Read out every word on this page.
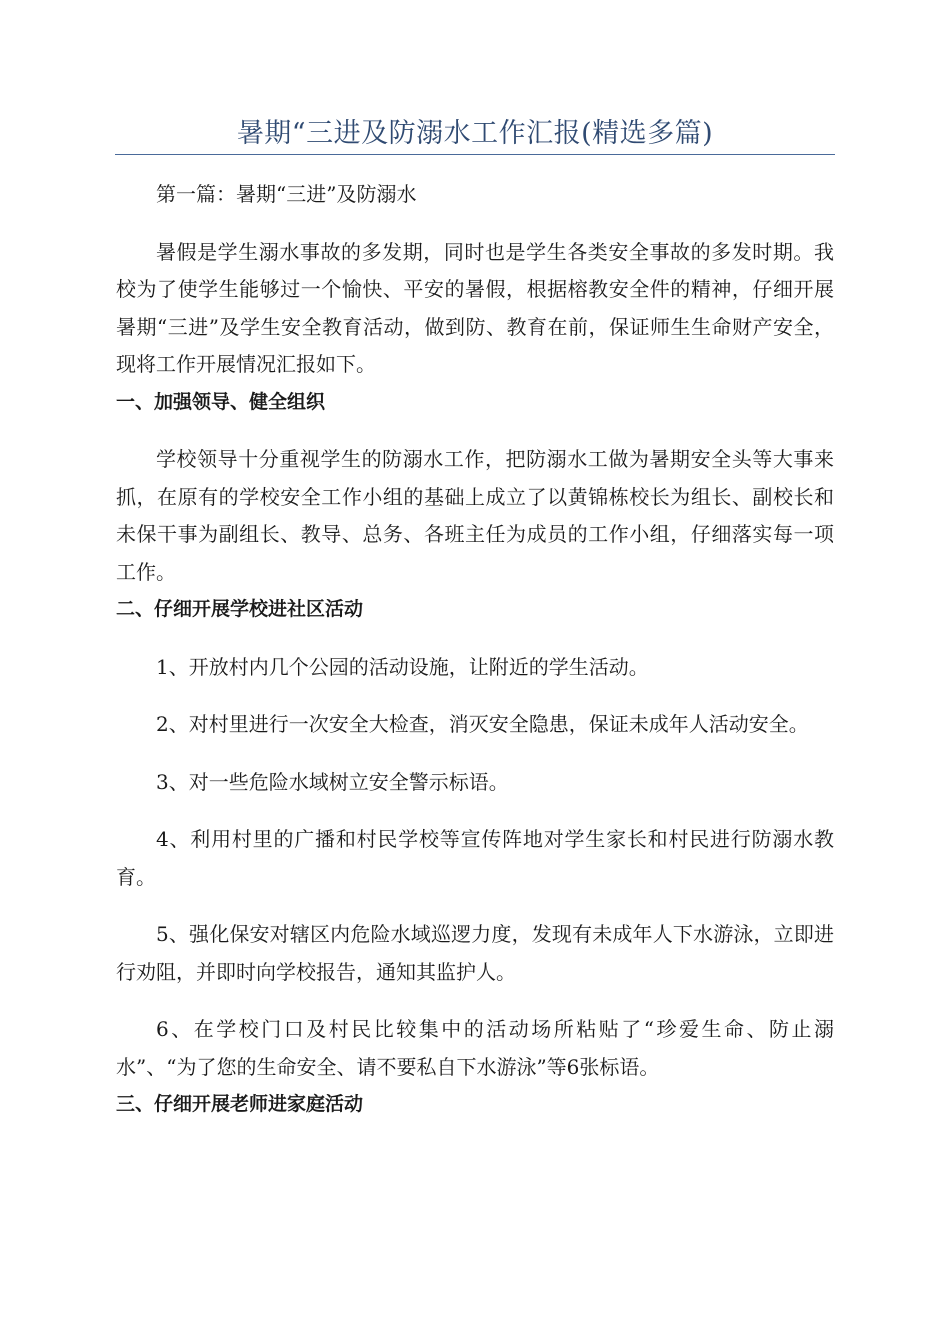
暑期“三进及防溺水工作汇报(精选多篇)

第一篇：暑期“三进”及防溺水

暑假是学生溺水事故的多发期，同时也是学生各类安全事故的多发时期。我校为了使学生能够过一个愉快、平安的暑假，根据榕教安全件的精神，仔细开展暑期“三进”及学生安全教育活动，做到防、教育在前，保证师生生命财产安全，现将工作开展情况汇报如下。

一、加强领导、健全组织

学校领导十分重视学生的防溺水工作，把防溺水工做为暑期安全头等大事来抓，在原有的学校安全工作小组的基础上成立了以黄锦栋校长为组长、副校长和未保干事为副组长、教导、总务、各班主任为成员的工作小组，仔细落实每一项工作。

二、仔细开展学校进社区活动

1、开放村内几个公园的活动设施，让附近的学生活动。

2、对村里进行一次安全大检查，消灭安全隐患，保证未成年人活动安全。

3、对一些危险水域树立安全警示标语。

4、利用村里的广播和村民学校等宣传阵地对学生家长和村民进行防溺水教育。

5、强化保安对辖区内危险水域巡逻力度，发现有未成年人下水游泳，立即进行劝阻，并即时向学校报告，通知其监护人。

6、在学校门口及村民比较集中的活动场所粘贴了“珍爱生命、防止溺水”、“为了您的生命安全、请不要私自下水游泳”等6张标语。

三、仔细开展老师进家庭活动
